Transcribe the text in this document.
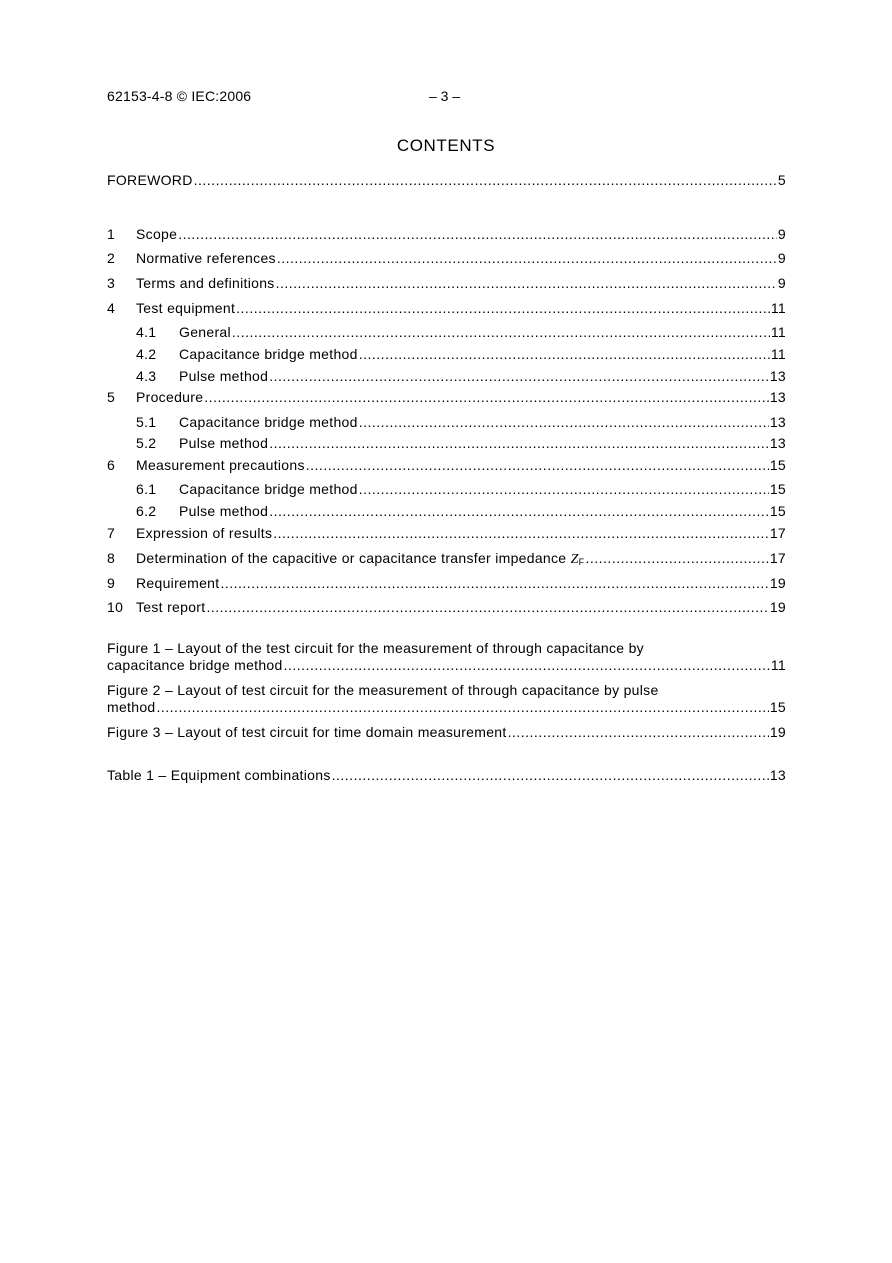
62153-4-8 © IEC:2006	– 3 –
CONTENTS
FOREWORD .....	5
1	Scope .....	9
2	Normative references .....	9
3	Terms and definitions .....	9
4	Test equipment .....	11
4.1	General .....	11
4.2	Capacitance bridge method .....	11
4.3	Pulse method .....	13
5	Procedure .....	13
5.1	Capacitance bridge method .....	13
5.2	Pulse method .....	13
6	Measurement precautions .....	15
6.1	Capacitance bridge method .....	15
6.2	Pulse method .....	15
7	Expression of results .....	17
8	Determination of the capacitive or capacitance transfer impedance ZF .....	17
9	Requirement .....	19
10 Test report .....	19
Figure 1 – Layout of the test circuit for the measurement of through capacitance by
capacitance bridge method .....	11
Figure 2 – Layout of test circuit for the measurement of through capacitance by pulse
method .....	15
Figure 3 – Layout of test circuit for time domain measurement .....	19
Table 1 – Equipment combinations .....	13
